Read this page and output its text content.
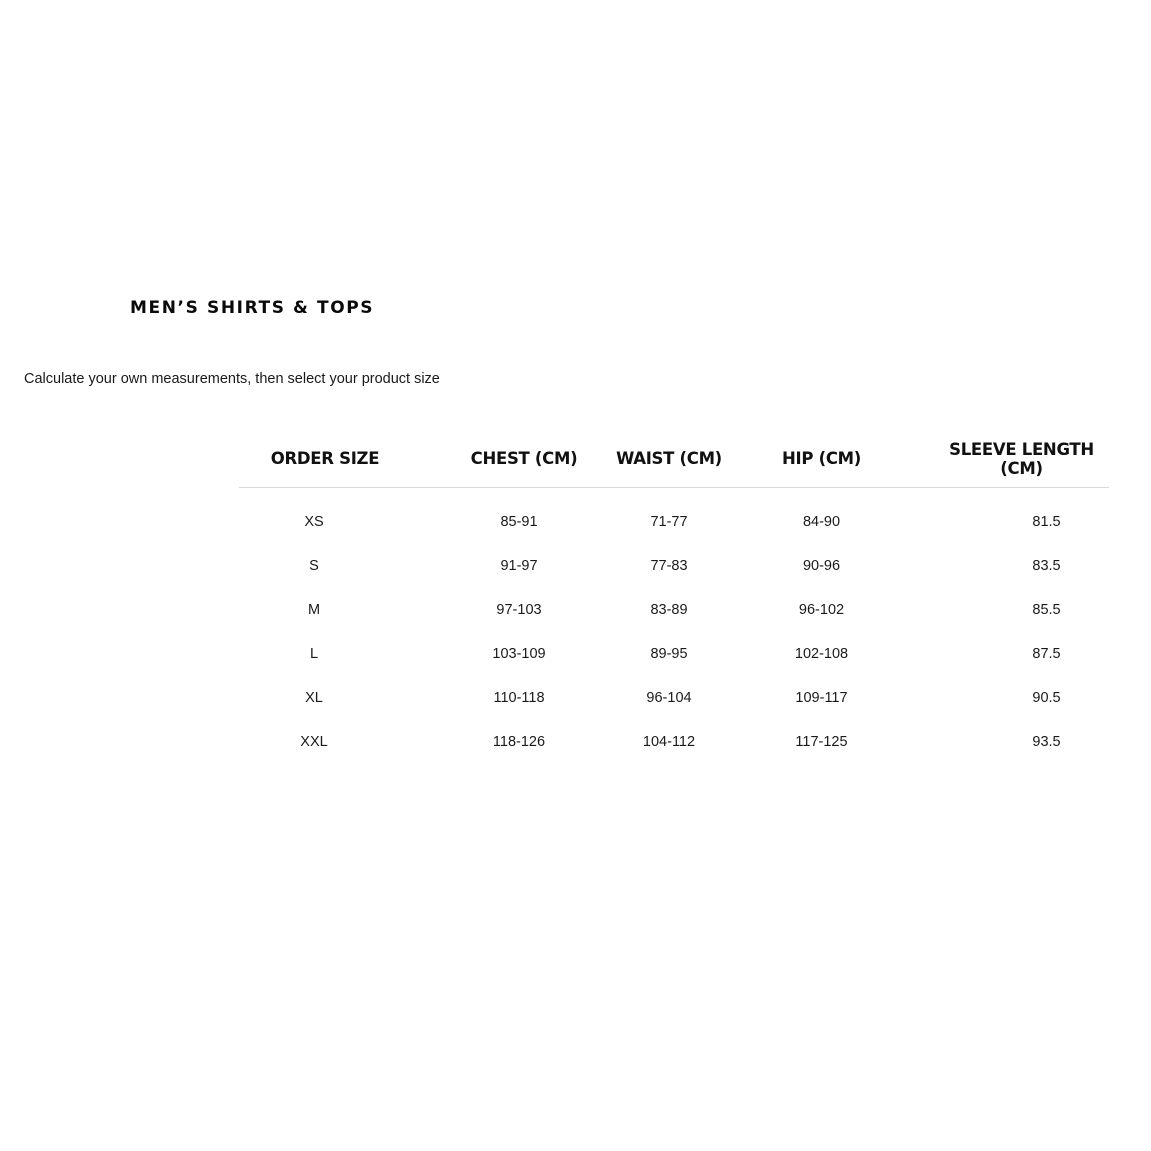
MEN’S SHIRTS & TOPS
Calculate your own measurements, then select your product size
ORDER SIZE	CHEST (CM)	WAIST (CM)	HIP (CM)	SLEEVE LENGTH (CM)
XS	85-91	71-77	84-90	81.5
S	91-97	77-83	90-96	83.5
M	97-103	83-89	96-102	85.5
L	103-109	89-95	102-108	87.5
XL	110-118	96-104	109-117	90.5
XXL	118-126	104-112	117-125	93.5
